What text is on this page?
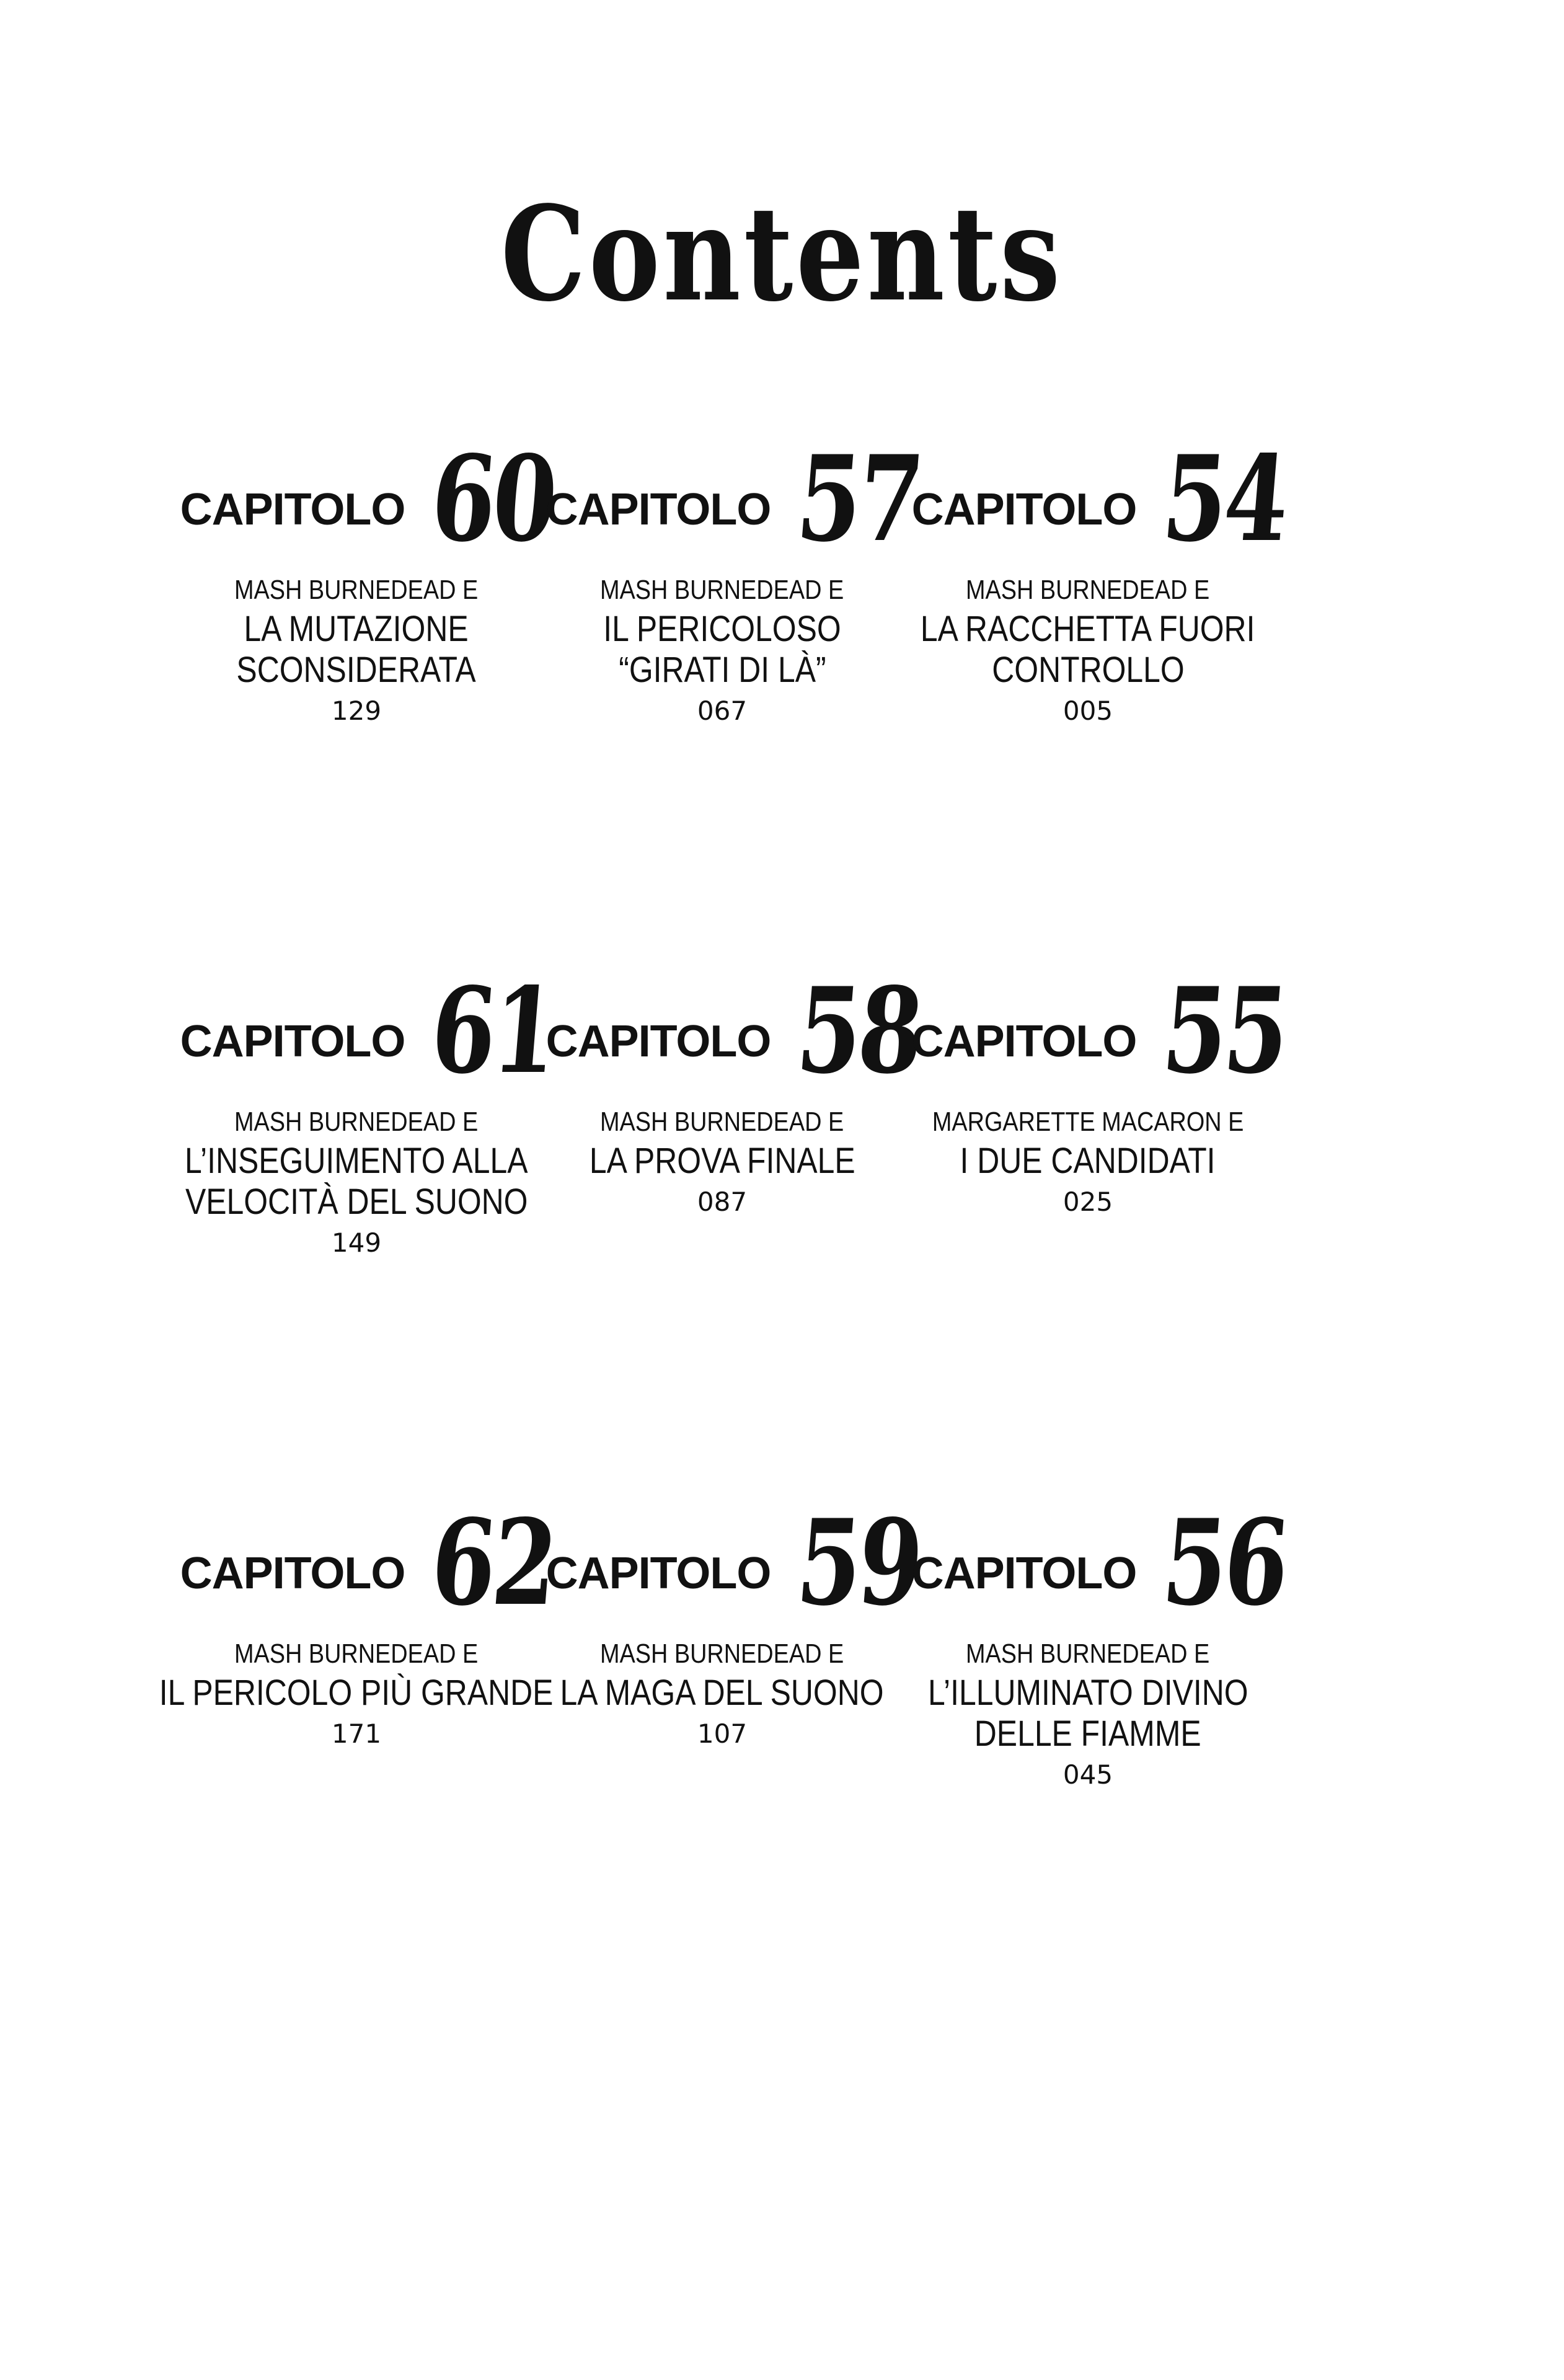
Contents
CAPITOLO 60
MASH BURNEDEAD E
LA MUTAZIONE
SCONSIDERATA
129
CAPITOLO 57
MASH BURNEDEAD E
IL PERICOLOSO
“GIRATI DI LÀ”
067
CAPITOLO 54
MASH BURNEDEAD E
LA RACCHETTA FUORI
CONTROLLO
005
CAPITOLO 61
MASH BURNEDEAD E
L’INSEGUIMENTO ALLA
VELOCITÀ DEL SUONO
149
CAPITOLO 58
MASH BURNEDEAD E
LA PROVA FINALE
087
CAPITOLO 55
MARGARETTE MACARON E
I DUE CANDIDATI
025
CAPITOLO 62
MASH BURNEDEAD E
IL PERICOLO PIÙ GRANDE
171
CAPITOLO 59
MASH BURNEDEAD E
LA MAGA DEL SUONO
107
CAPITOLO 56
MASH BURNEDEAD E
L’ILLUMINATO DIVINO
DELLE FIAMME
045
